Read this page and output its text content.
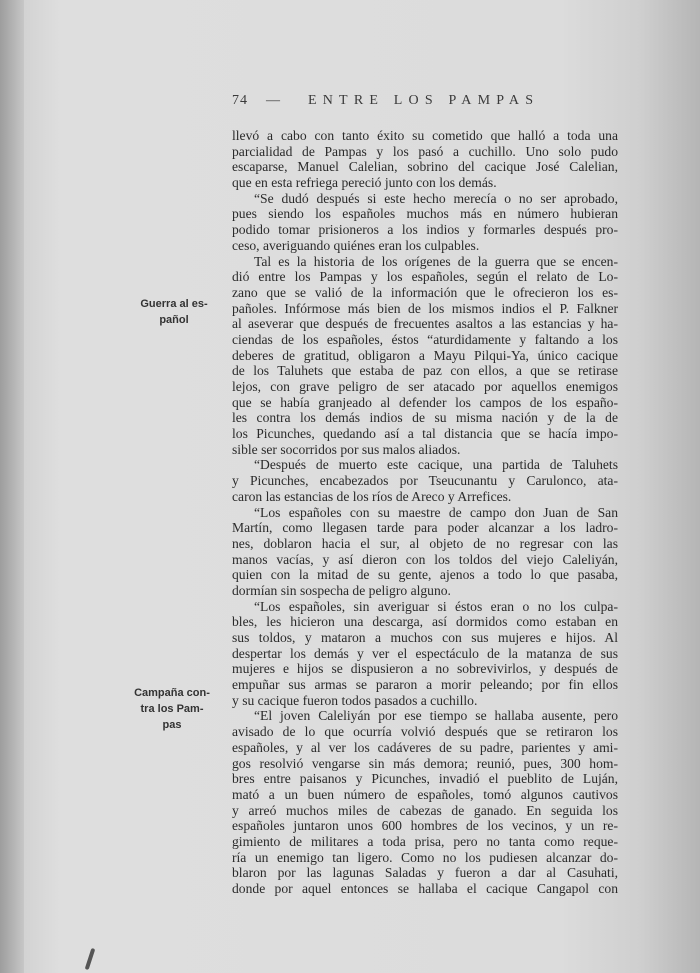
74 — ENTRE LOS PAMPAS
Guerra al es-
pañol
Campaña con-
tra los Pam-
pas
llevó a cabo con tanto éxito su cometido que halló a toda una
parcialidad de Pampas y los pasó a cuchillo. Uno solo pudo
escaparse, Manuel Calelian, sobrino del cacique José Calelian,
que en esta refriega pereció junto con los demás.
“Se dudó después si este hecho merecía o no ser aprobado,
pues siendo los españoles muchos más en número hubieran
podido tomar prisioneros a los indios y formarles después pro-
ceso, averiguando quiénes eran los culpables.
Tal es la historia de los orígenes de la guerra que se encen-
dió entre los Pampas y los españoles, según el relato de Lo-
zano que se valió de la información que le ofrecieron los es-
pañoles. Infórmose más bien de los mismos indios el P. Falkner
al aseverar que después de frecuentes asaltos a las estancias y ha-
ciendas de los españoles, éstos “aturdidamente y faltando a los
deberes de gratitud, obligaron a Mayu Pilqui-Ya, único cacique
de los Taluhets que estaba de paz con ellos, a que se retirase
lejos, con grave peligro de ser atacado por aquellos enemigos
que se había granjeado al defender los campos de los españo-
les contra los demás indios de su misma nación y de la de
los Picunches, quedando así a tal distancia que se hacía impo-
sible ser socorridos por sus malos aliados.
“Después de muerto este cacique, una partida de Taluhets
y Picunches, encabezados por Tseucunantu y Carulonco, ata-
caron las estancias de los ríos de Areco y Arrefices.
“Los españoles con su maestre de campo don Juan de San
Martín, como llegasen tarde para poder alcanzar a los ladro-
nes, doblaron hacia el sur, al objeto de no regresar con las
manos vacías, y así dieron con los toldos del viejo Caleliyán,
quien con la mitad de su gente, ajenos a todo lo que pasaba,
dormían sin sospecha de peligro alguno.
“Los españoles, sin averiguar si éstos eran o no los culpa-
bles, les hicieron una descarga, así dormidos como estaban en
sus toldos, y mataron a muchos con sus mujeres e hijos. Al
despertar los demás y ver el espectáculo de la matanza de sus
mujeres e hijos se dispusieron a no sobrevivirlos, y después de
empuñar sus armas se pararon a morir peleando; por fin ellos
y su cacique fueron todos pasados a cuchillo.
“El joven Caleliyán por ese tiempo se hallaba ausente, pero
avisado de lo que ocurría volvió después que se retiraron los
españoles, y al ver los cadáveres de su padre, parientes y ami-
gos resolvió vengarse sin más demora; reunió, pues, 300 hom-
bres entre paisanos y Picunches, invadió el pueblito de Luján,
mató a un buen número de españoles, tomó algunos cautivos
y arreó muchos miles de cabezas de ganado. En seguida los
españoles juntaron unos 600 hombres de los vecinos, y un re-
gimiento de militares a toda prisa, pero no tanta como reque-
ría un enemigo tan ligero. Como no los pudiesen alcanzar do-
blaron por las lagunas Saladas y fueron a dar al Casuhati,
donde por aquel entonces se hallaba el cacique Cangapol con
